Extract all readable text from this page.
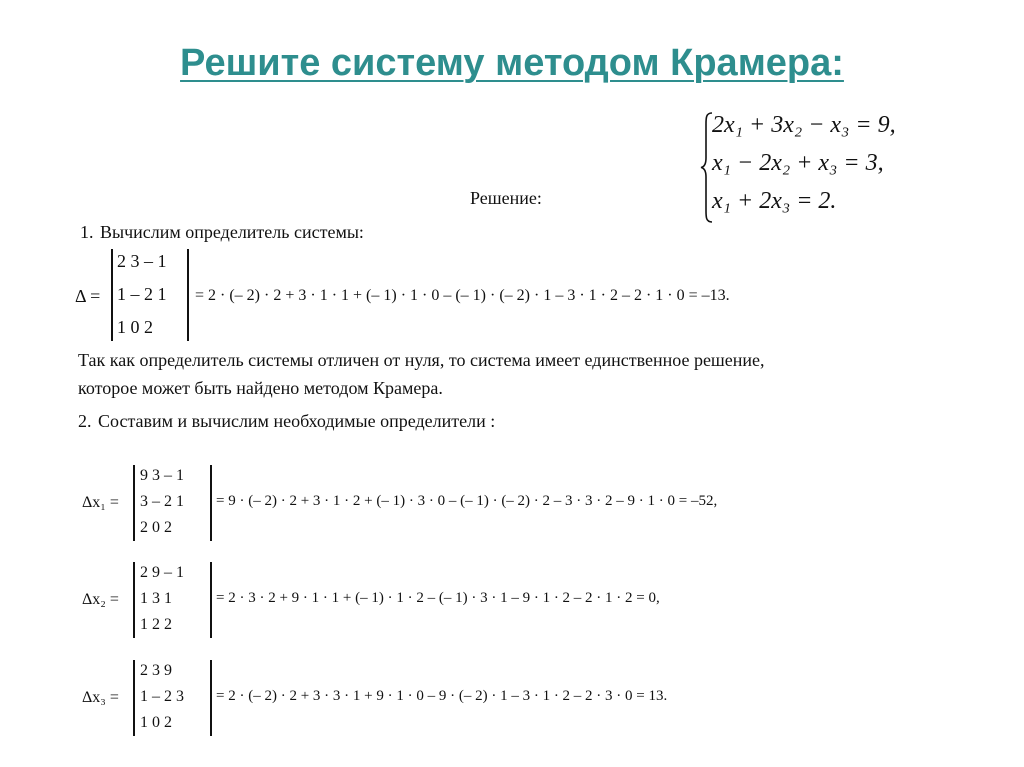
Решите систему методом Крамера:
2x₁ + 3x₂ − x₃ = 9,
x₁ − 2x₂ + x₃ = 3,
x₁ + 2x₃ = 2.
Решение:
1. Вычислим определитель системы:
Δ =
2 3 – 1
1 – 2 1
1 0 2
= 2 · (– 2) · 2 + 3 · 1 · 1 + (– 1) · 1 · 0 – (– 1) · (– 2) · 1 – 3 · 1 · 2 – 2 · 1 · 0 = –13.
Так как определитель системы отличен от нуля, то система имеет единственное решение,
которое может быть найдено методом Крамера.
2. Составим и вычислим необходимые определители :
Δx₁ =
9 3 – 1
3 – 2 1
2 0 2
= 9 · (– 2) · 2 + 3 · 1 · 2 + (– 1) · 3 · 0 – (– 1) · (– 2) · 2 – 3 · 3 · 2 – 9 · 1 · 0 = –52,
Δx₂ =
2 9 – 1
1 3 1
1 2 2
= 2 · 3 · 2 + 9 · 1 · 1 + (– 1) · 1 · 2 – (– 1) · 3 · 1 – 9 · 1 · 2 – 2 · 1 · 2 = 0,
Δx₃ =
2 3 9
1 – 2 3
1 0 2
= 2 · (– 2) · 2 + 3 · 3 · 1 + 9 · 1 · 0 – 9 · (– 2) · 1 – 3 · 1 · 2 – 2 · 3 · 0 = 13.
